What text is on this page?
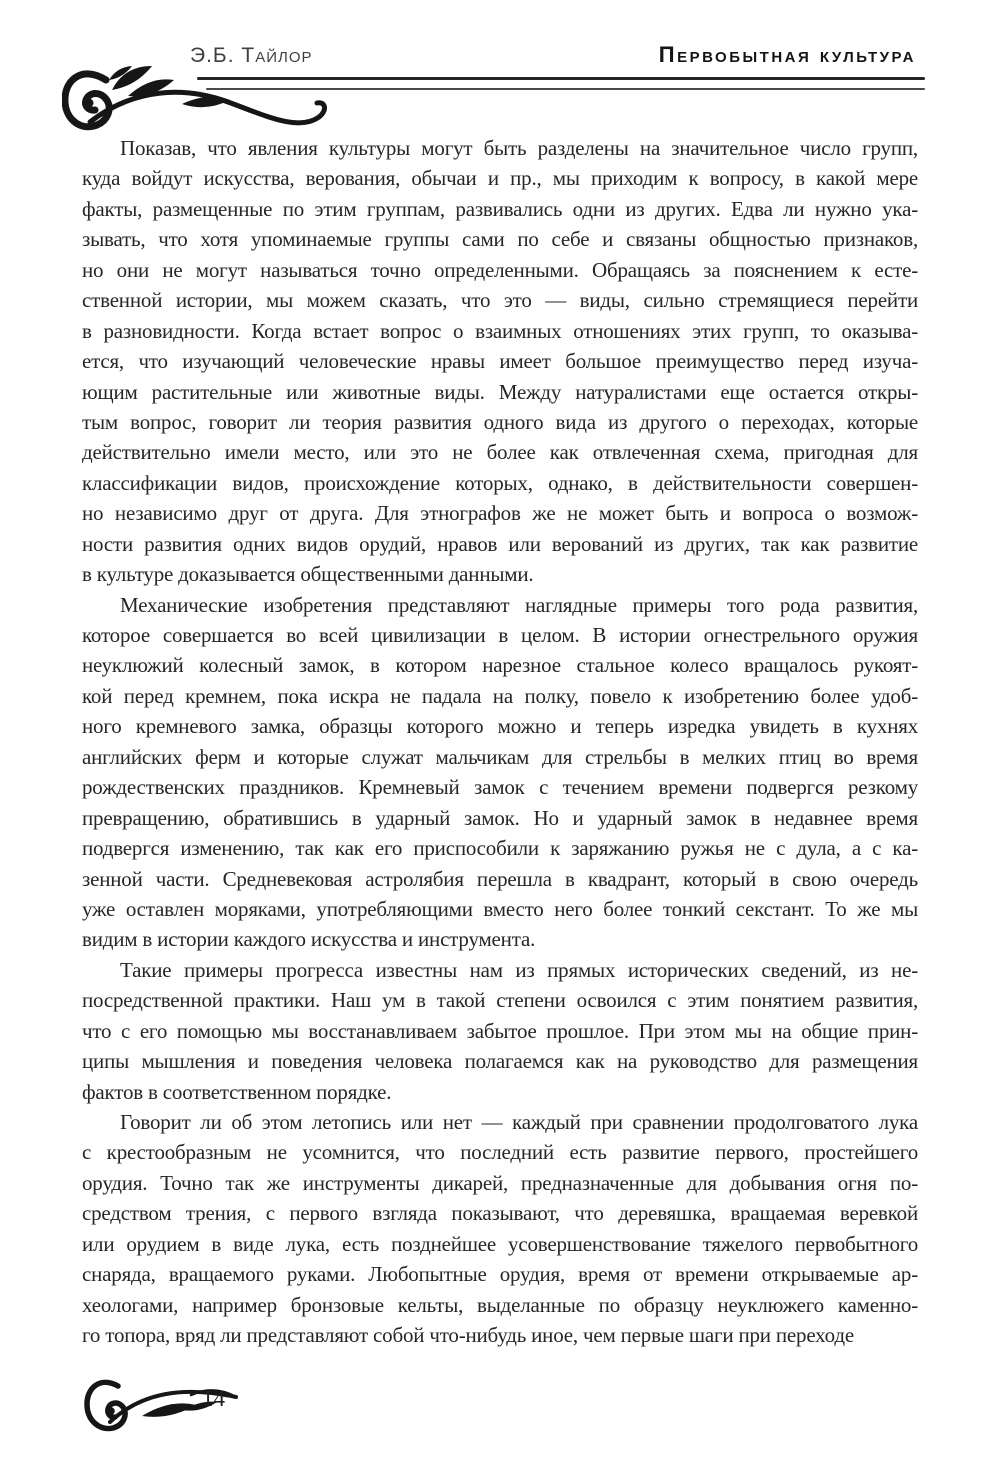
Э.Б. Тайлор	Первобытная культура
Показав, что явления культуры могут быть разделены на значительное число групп,
куда войдут искусства, верования, обычаи и пр., мы приходим к вопросу, в какой мере
факты, размещенные по этим группам, развивались одни из других. Едва ли нужно ука-
зывать, что хотя упоминаемые группы сами по себе и связаны общностью признаков,
но они не могут называться точно определенными. Обращаясь за пояснением к есте-
ственной истории, мы можем сказать, что это — виды, сильно стремящиеся перейти
в разновидности. Когда встает вопрос о взаимных отношениях этих групп, то оказыва-
ется, что изучающий человеческие нравы имеет большое преимущество перед изуча-
ющим растительные или животные виды. Между натуралистами еще остается откры-
тым вопрос, говорит ли теория развития одного вида из другого о переходах, которые
действительно имели место, или это не более как отвлеченная схема, пригодная для
классификации видов, происхождение которых, однако, в действительности совершен-
но независимо друг от друга. Для этнографов же не может быть и вопроса о возмож-
ности развития одних видов орудий, нравов или верований из других, так как развитие
в культуре доказывается общественными данными.
Механические изобретения представляют наглядные примеры того рода развития,
которое совершается во всей цивилизации в целом. В истории огнестрельного оружия
неуклюжий колесный замок, в котором нарезное стальное колесо вращалось рукоят-
кой перед кремнем, пока искра не падала на полку, повело к изобретению более удоб-
ного кремневого замка, образцы которого можно и теперь изредка увидеть в кухнях
английских ферм и которые служат мальчикам для стрельбы в мелких птиц во время
рождественских праздников. Кремневый замок с течением времени подвергся резкому
превращению, обратившись в ударный замок. Но и ударный замок в недавнее время
подвергся изменению, так как его приспособили к заряжанию ружья не с дула, а с ка-
зенной части. Средневековая астролябия перешла в квадрант, который в свою очередь
уже оставлен моряками, употребляющими вместо него более тонкий секстант. То же мы
видим в истории каждого искусства и инструмента.
Такие примеры прогресса известны нам из прямых исторических сведений, из не-
посредственной практики. Наш ум в такой степени освоился с этим понятием развития,
что с его помощью мы восстанавливаем забытое прошлое. При этом мы на общие прин-
ципы мышления и поведения человека полагаемся как на руководство для размещения
фактов в соответственном порядке.
Говорит ли об этом летопись или нет — каждый при сравнении продолговатого лука
с крестообразным не усомнится, что последний есть развитие первого, простейшего
орудия. Точно так же инструменты дикарей, предназначенные для добывания огня по-
средством трения, с первого взгляда показывают, что деревяшка, вращаемая веревкой
или орудием в виде лука, есть позднейшее усовершенствование тяжелого первобытного
снаряда, вращаемого руками. Любопытные орудия, время от времени открываемые ар-
хеологами, например бронзовые кельты, выделанные по образцу неуклюжего каменно-
го топора, вряд ли представляют собой что-нибудь иное, чем первые шаги при переходе
14
